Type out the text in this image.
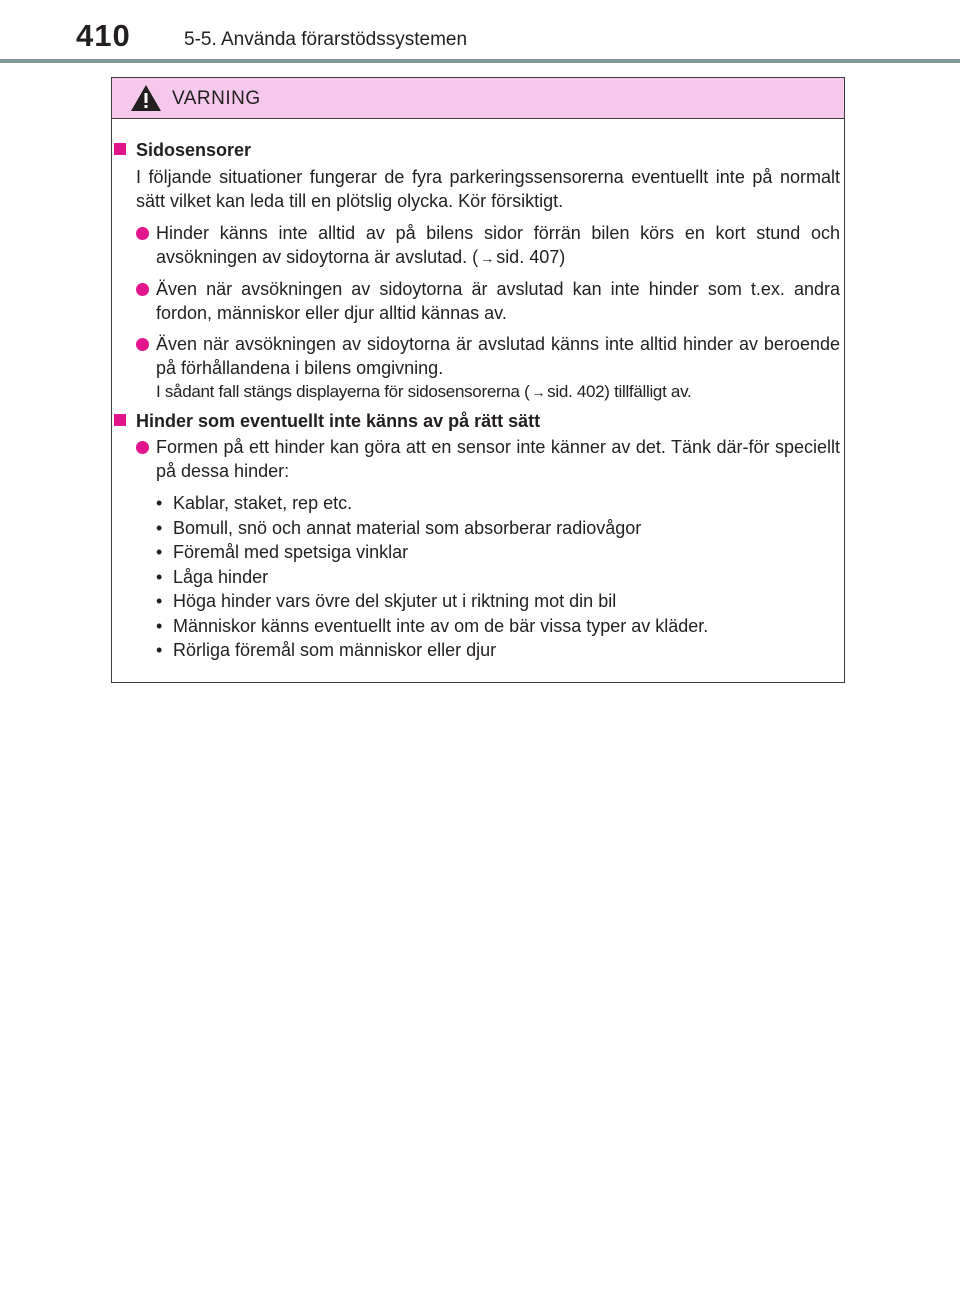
410	5-5. Använda förarstödssystemen
VARNING
Sidosensorer
I följande situationer fungerar de fyra parkeringssensorerna eventuellt inte på normalt sätt vilket kan leda till en plötslig olycka. Kör försiktigt.
Hinder känns inte alltid av på bilens sidor förrän bilen körs en kort stund och avsökningen av sidoytorna är avslutad. ( → sid. 407)
Även när avsökningen av sidoytorna är avslutad kan inte hinder som t.ex. andra fordon, människor eller djur alltid kännas av.
Även när avsökningen av sidoytorna är avslutad känns inte alltid hinder av beroende på förhållandena i bilens omgivning.
I sådant fall stängs displayerna för sidosensorerna ( → sid. 402) tillfälligt av.
Hinder som eventuellt inte känns av på rätt sätt
Formen på ett hinder kan göra att en sensor inte känner av det. Tänk där-för speciellt på dessa hinder:
• Kablar, staket, rep etc.
• Bomull, snö och annat material som absorberar radiovågor
• Föremål med spetsiga vinklar
• Låga hinder
• Höga hinder vars övre del skjuter ut i riktning mot din bil
• Människor känns eventuellt inte av om de bär vissa typer av kläder.
• Rörliga föremål som människor eller djur
